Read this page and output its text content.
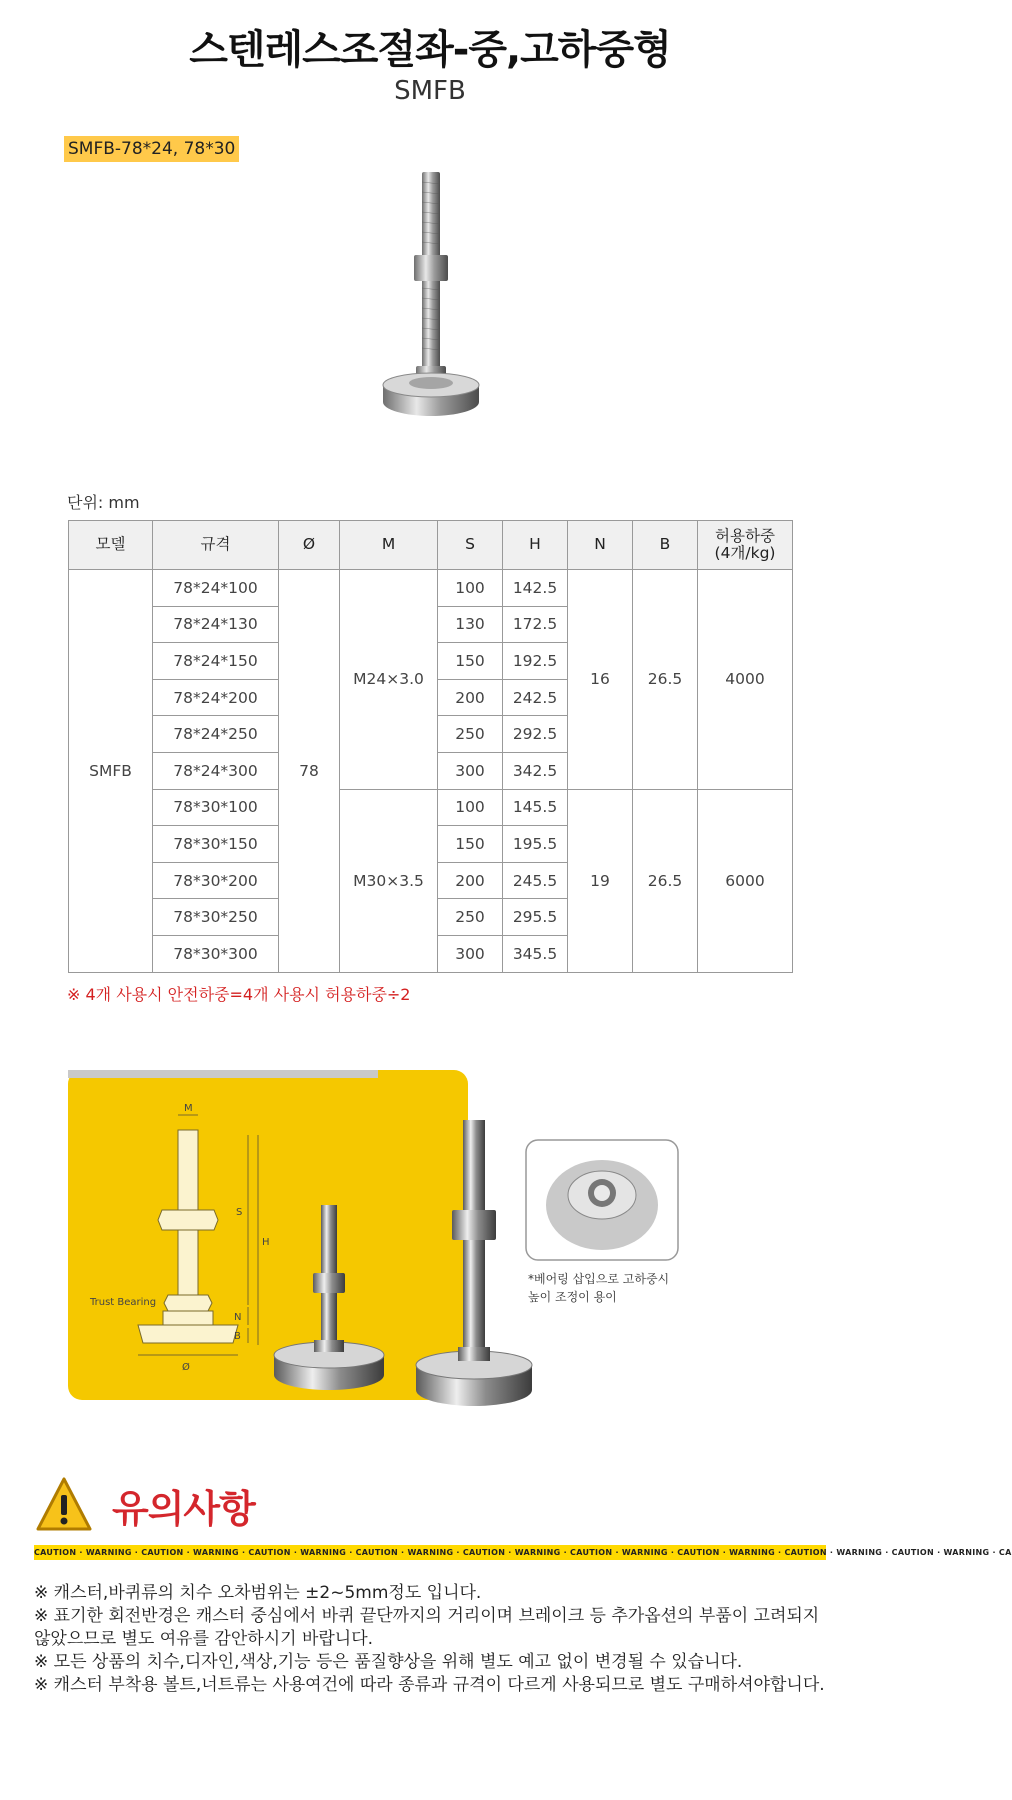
스텐레스조절좌-중,고하중형
SMFB
SMFB-78*24, 78*30
단위: mm
모델	규격	Ø	M	S	H	N	B	허용하중
(4개/kg)
SMFB	78*24*100	78	M24×3.0	100	142.5	16	26.5	4000
	78*24*130			130	172.5			
	78*24*150			150	192.5			
	78*24*200			200	242.5			
	78*24*250			250	292.5			
	78*24*300			300	342.5			
	78*30*100		M30×3.5	100	145.5	19	26.5	6000
	78*30*150			150	195.5			
	78*30*200			200	245.5			
	78*30*250			250	295.5			
	78*30*300			300	345.5			
※ 4개 사용시 안전하중=4개 사용시 허용하중÷2
M
H
S
N
B
Ø
Trust Bearing
*베어링 삽입으로 고하중시
높이 조정이 용이
유의사항
CAUTION · WARNING · CAUTION · WARNING · CAUTION · WARNING · CAUTION · WARNING · CAUTION · WARNING · CAUTION · WARNING · CAUTION · WARNING · CAUTION · WARNING · CAUTION · WARNING · CA

※ 캐스터,바퀴류의 치수 오차범위는 ±2~5mm정도 입니다.

※ 표기한 회전반경은 캐스터 중심에서 바퀴 끝단까지의 거리이며 브레이크 등 추가옵션의 부품이 고려되지 않았으므로 별도 여유를 감안하시기 바랍니다.

※ 모든 상품의 치수,디자인,색상,기능 등은 품질향상을 위해 별도 예고 없이 변경될 수 있습니다.

※ 캐스터 부착용 볼트,너트류는 사용여건에 따라 종류과 규격이 다르게 사용되므로 별도 구매하셔야합니다.
